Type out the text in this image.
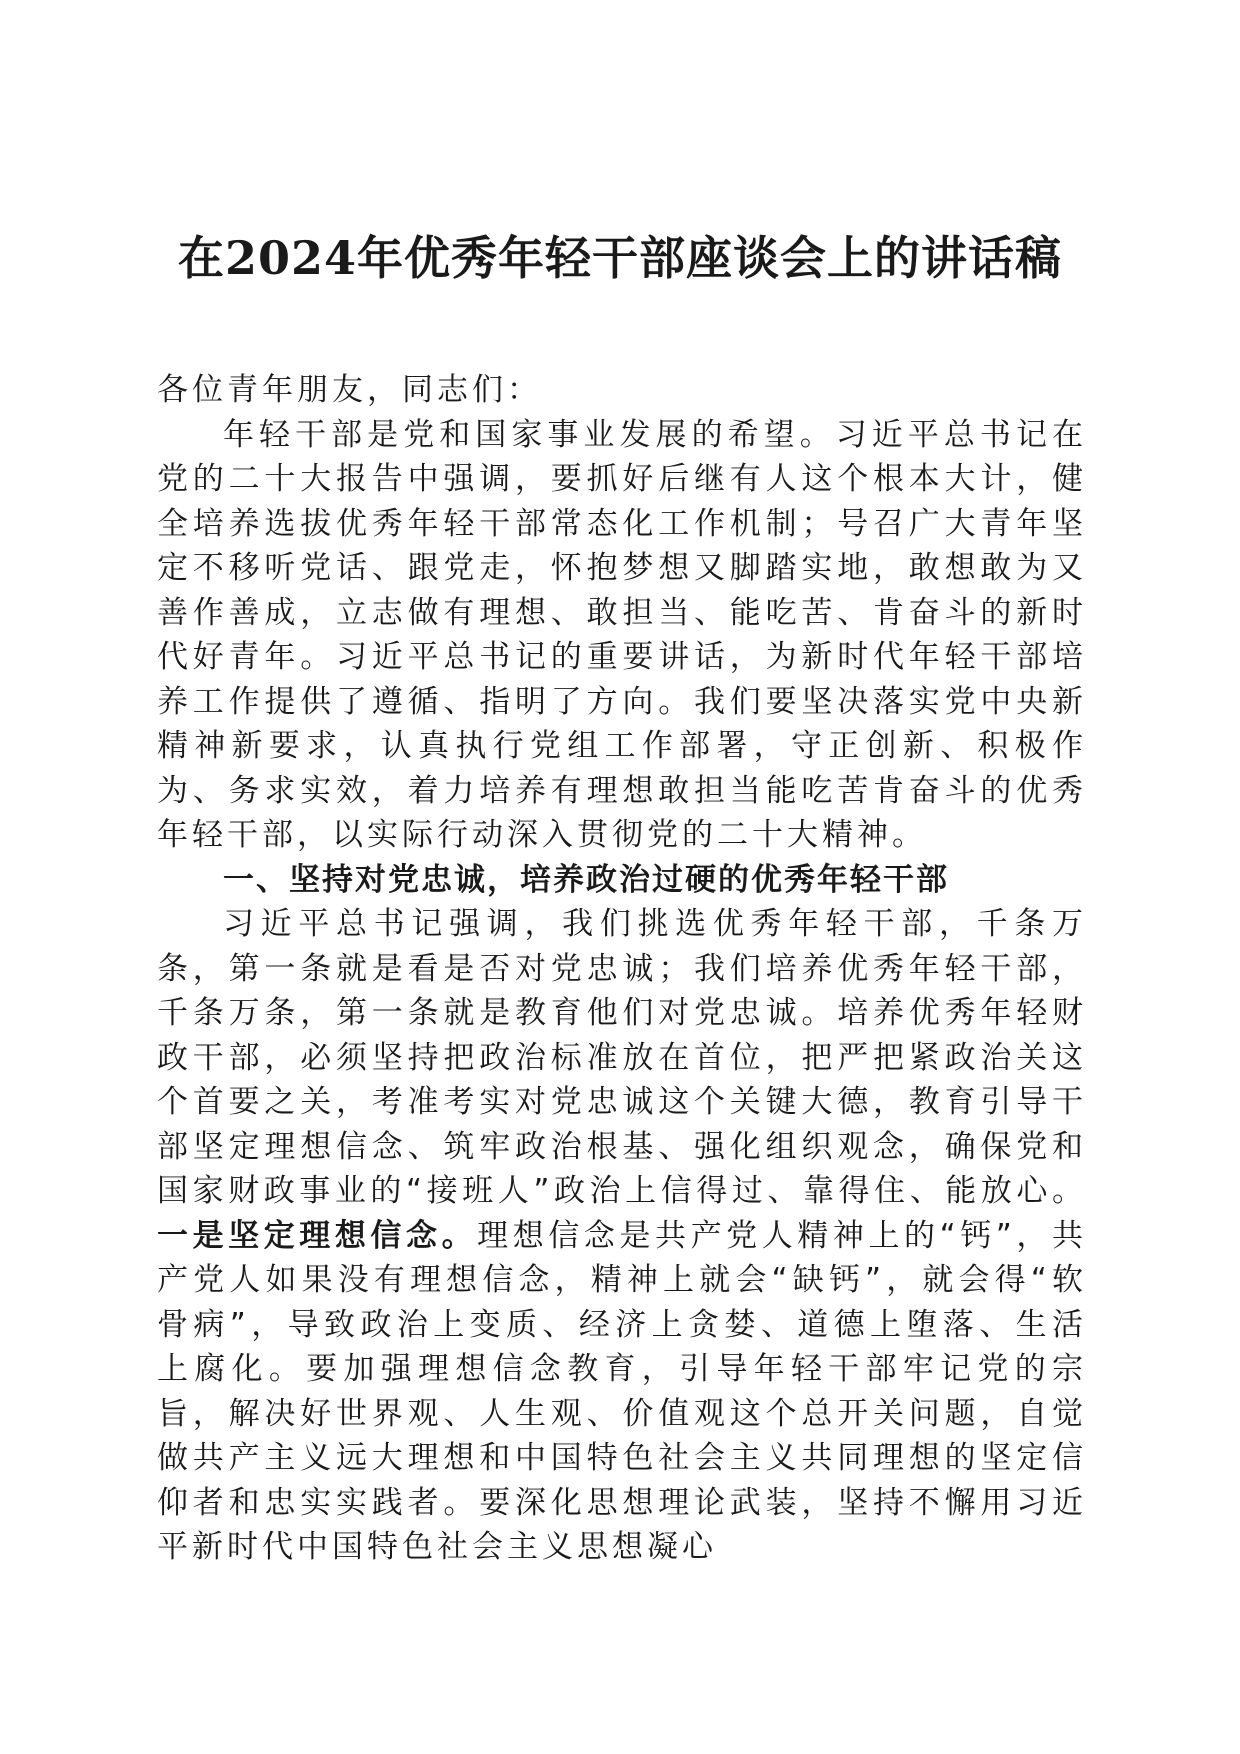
在2024年优秀年轻干部座谈会上的讲话稿

各位青年朋友，同志们：

年轻干部是党和国家事业发展的希望。习近平总书记在党的二十大报告中强调，要抓好后继有人这个根本大计，健全培养选拔优秀年轻干部常态化工作机制；号召广大青年坚定不移听党话、跟党走，怀抱梦想又脚踏实地，敢想敢为又善作善成，立志做有理想、敢担当、能吃苦、肯奋斗的新时代好青年。习近平总书记的重要讲话，为新时代年轻干部培养工作提供了遵循、指明了方向。我们要坚决落实党中央新精神新要求，认真执行党组工作部署，守正创新、积极作为、务求实效，着力培养有理想敢担当能吃苦肯奋斗的优秀年轻干部，以实际行动深入贯彻党的二十大精神。

一、坚持对党忠诚，培养政治过硬的优秀年轻干部

习近平总书记强调，我们挑选优秀年轻干部，千条万条，第一条就是看是否对党忠诚；我们培养优秀年轻干部，千条万条，第一条就是教育他们对党忠诚。培养优秀年轻财政干部，必须坚持把政治标准放在首位，把严把紧政治关这个首要之关，考准考实对党忠诚这个关键大德，教育引导干部坚定理想信念、筑牢政治根基、强化组织观念，确保党和国家财政事业的“接班人”政治上信得过、靠得住、能放心。一是坚定理想信念。理想信念是共产党人精神上的“钙”，共产党人如果没有理想信念，精神上就会“缺钙”，就会得“软骨病”，导致政治上变质、经济上贪婪、道德上堕落、生活上腐化。要加强理想信念教育，引导年轻干部牢记党的宗旨，解决好世界观、人生观、价值观这个总开关问题，自觉做共产主义远大理想和中国特色社会主义共同理想的坚定信仰者和忠实实践者。要深化思想理论武装，坚持不懈用习近平新时代中国特色社会主义思想凝心
